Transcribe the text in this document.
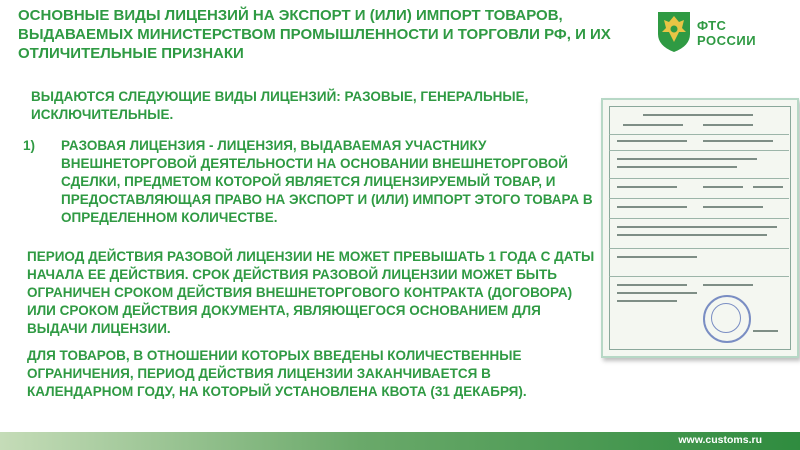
ОСНОВНЫЕ ВИДЫ ЛИЦЕНЗИЙ НА ЭКСПОРТ И (ИЛИ) ИМПОРТ ТОВАРОВ, ВЫДАВАЕМЫХ МИНИСТЕРСТВОМ ПРОМЫШЛЕННОСТИ И ТОРГОВЛИ РФ, И ИХ ОТЛИЧИТЕЛЬНЫЕ ПРИЗНАКИ
ФТС
РОССИИ
ВЫДАЮТСЯ СЛЕДУЮЩИЕ ВИДЫ ЛИЦЕНЗИЙ: РАЗОВЫЕ, ГЕНЕРАЛЬНЫЕ, ИСКЛЮЧИТЕЛЬНЫЕ.
1) РАЗОВАЯ ЛИЦЕНЗИЯ - ЛИЦЕНЗИЯ, ВЫДАВАЕМАЯ УЧАСТНИКУ ВНЕШНЕТОРГОВОЙ ДЕЯТЕЛЬНОСТИ НА ОСНОВАНИИ ВНЕШНЕТОРГОВОЙ СДЕЛКИ, ПРЕДМЕТОМ КОТОРОЙ ЯВЛЯЕТСЯ ЛИЦЕНЗИРУЕМЫЙ ТОВАР, И ПРЕДОСТАВЛЯЮЩАЯ ПРАВО НА ЭКСПОРТ И (ИЛИ) ИМПОРТ ЭТОГО ТОВАРА В ОПРЕДЕЛЕННОМ КОЛИЧЕСТВЕ.
ПЕРИОД ДЕЙСТВИЯ РАЗОВОЙ ЛИЦЕНЗИИ НЕ МОЖЕТ ПРЕВЫШАТЬ 1 ГОДА С ДАТЫ НАЧАЛА ЕЕ ДЕЙСТВИЯ. СРОК ДЕЙСТВИЯ РАЗОВОЙ ЛИЦЕНЗИИ МОЖЕТ БЫТЬ ОГРАНИЧЕН СРОКОМ ДЕЙСТВИЯ ВНЕШНЕТОРГОВОГО КОНТРАКТА (ДОГОВОРА) ИЛИ СРОКОМ ДЕЙСТВИЯ ДОКУМЕНТА, ЯВЛЯЮЩЕГОСЯ ОСНОВАНИЕМ ДЛЯ ВЫДАЧИ ЛИЦЕНЗИИ.
ДЛЯ ТОВАРОВ, В ОТНОШЕНИИ КОТОРЫХ ВВЕДЕНЫ КОЛИЧЕСТВЕННЫЕ ОГРАНИЧЕНИЯ, ПЕРИОД ДЕЙСТВИЯ ЛИЦЕНЗИИ ЗАКАНЧИВАЕТСЯ В КАЛЕНДАРНОМ ГОДУ, НА КОТОРЫЙ УСТАНОВЛЕНА КВОТА (31 ДЕКАБРЯ).
www.customs.ru
